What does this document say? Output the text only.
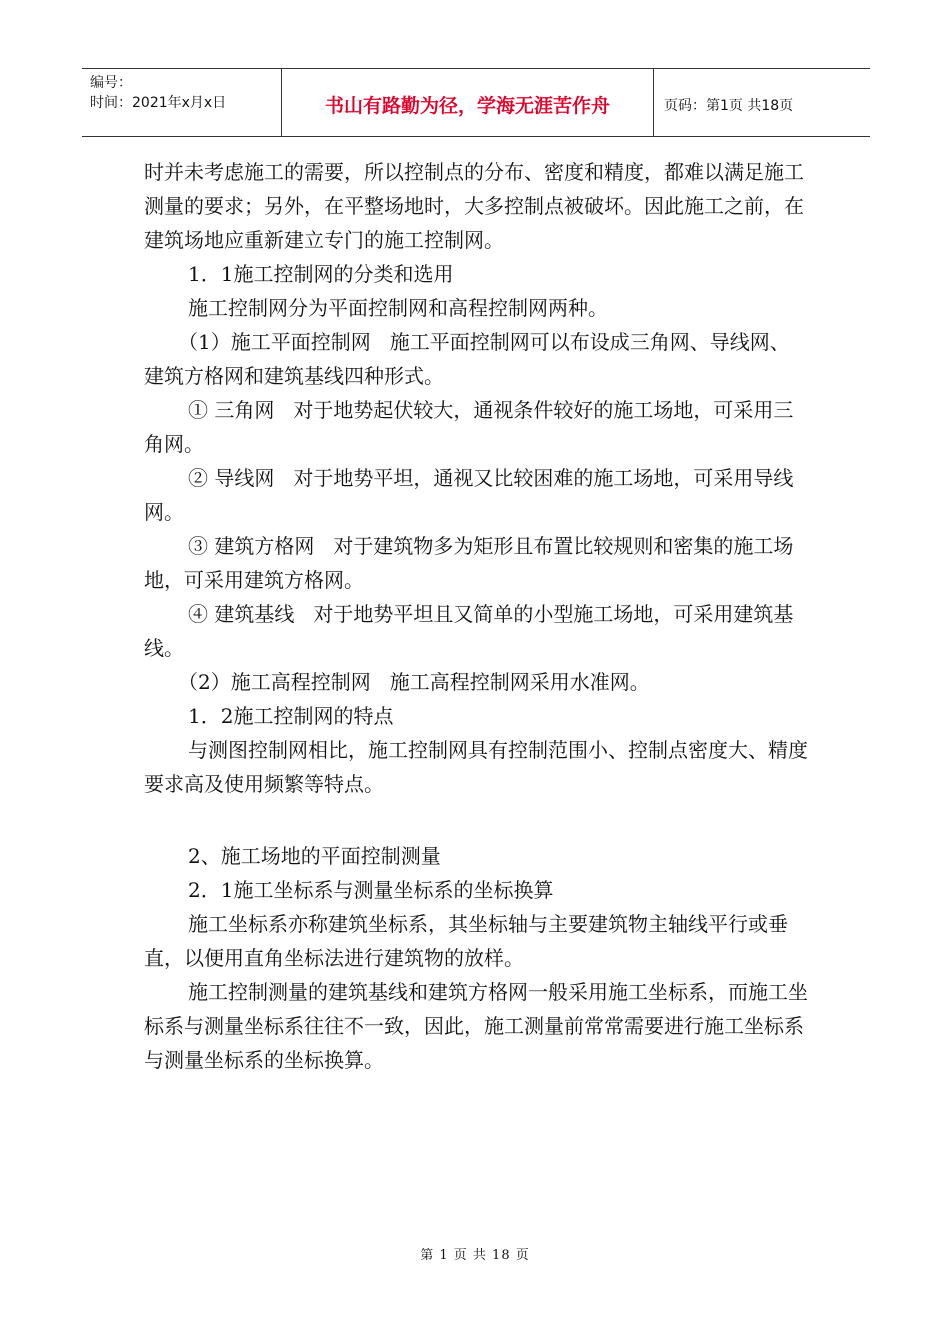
编号：
时间：2021年x月x日	书山有路勤为径，学海无涯苦作舟	页码：第1页 共18页

时并未考虑施工的需要，所以控制点的分布、密度和精度，都难以满足施工测量的要求；另外，在平整场地时，大多控制点被破坏。因此施工之前，在建筑场地应重新建立专门的施工控制网。

1．1施工控制网的分类和选用

施工控制网分为平面控制网和高程控制网两种。

（1）施工平面控制网   施工平面控制网可以布设成三角网、导线网、建筑方格网和建筑基线四种形式。

① 三角网   对于地势起伏较大，通视条件较好的施工场地，可采用三角网。

② 导线网   对于地势平坦，通视又比较困难的施工场地，可采用导线网。

③ 建筑方格网   对于建筑物多为矩形且布置比较规则和密集的施工场地，可采用建筑方格网。

④ 建筑基线   对于地势平坦且又简单的小型施工场地，可采用建筑基线。

（2）施工高程控制网   施工高程控制网采用水准网。

1．2施工控制网的特点

与测图控制网相比，施工控制网具有控制范围小、控制点密度大、精度要求高及使用频繁等特点。

2、施工场地的平面控制测量

2．1施工坐标系与测量坐标系的坐标换算

施工坐标系亦称建筑坐标系，其坐标轴与主要建筑物主轴线平行或垂直，以便用直角坐标法进行建筑物的放样。

施工控制测量的建筑基线和建筑方格网一般采用施工坐标系，而施工坐标系与测量坐标系往往不一致，因此，施工测量前常常需要进行施工坐标系与测量坐标系的坐标换算。

第 1 页 共 18 页
